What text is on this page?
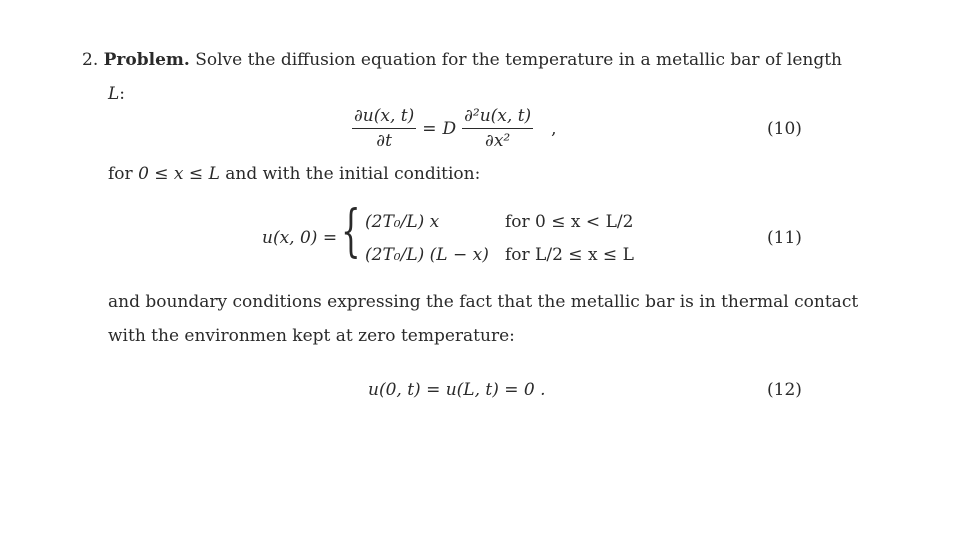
2. Problem. Solve the diffusion equation for the temperature in a metallic bar of length
L:
$\frac{\partial u(x, t)}{\partial t} = D \frac{\text{∂²u(x, t)}}{\text{∂x²}}$	,	(10)
for 0 ≤ x ≤ L and with the initial condition:
u(x, 0) = { (2T₀/L) x	for 0 ≤ x < L/2
(2T₀/L) (L − x) for L/2 ≤ x ≤ L
(11)
and boundary conditions expressing the fact that the metallic bar is in thermal contact
with the environmen kept at zero temperature:
u(0, t) = u(L, t) = 0 .	(12)
